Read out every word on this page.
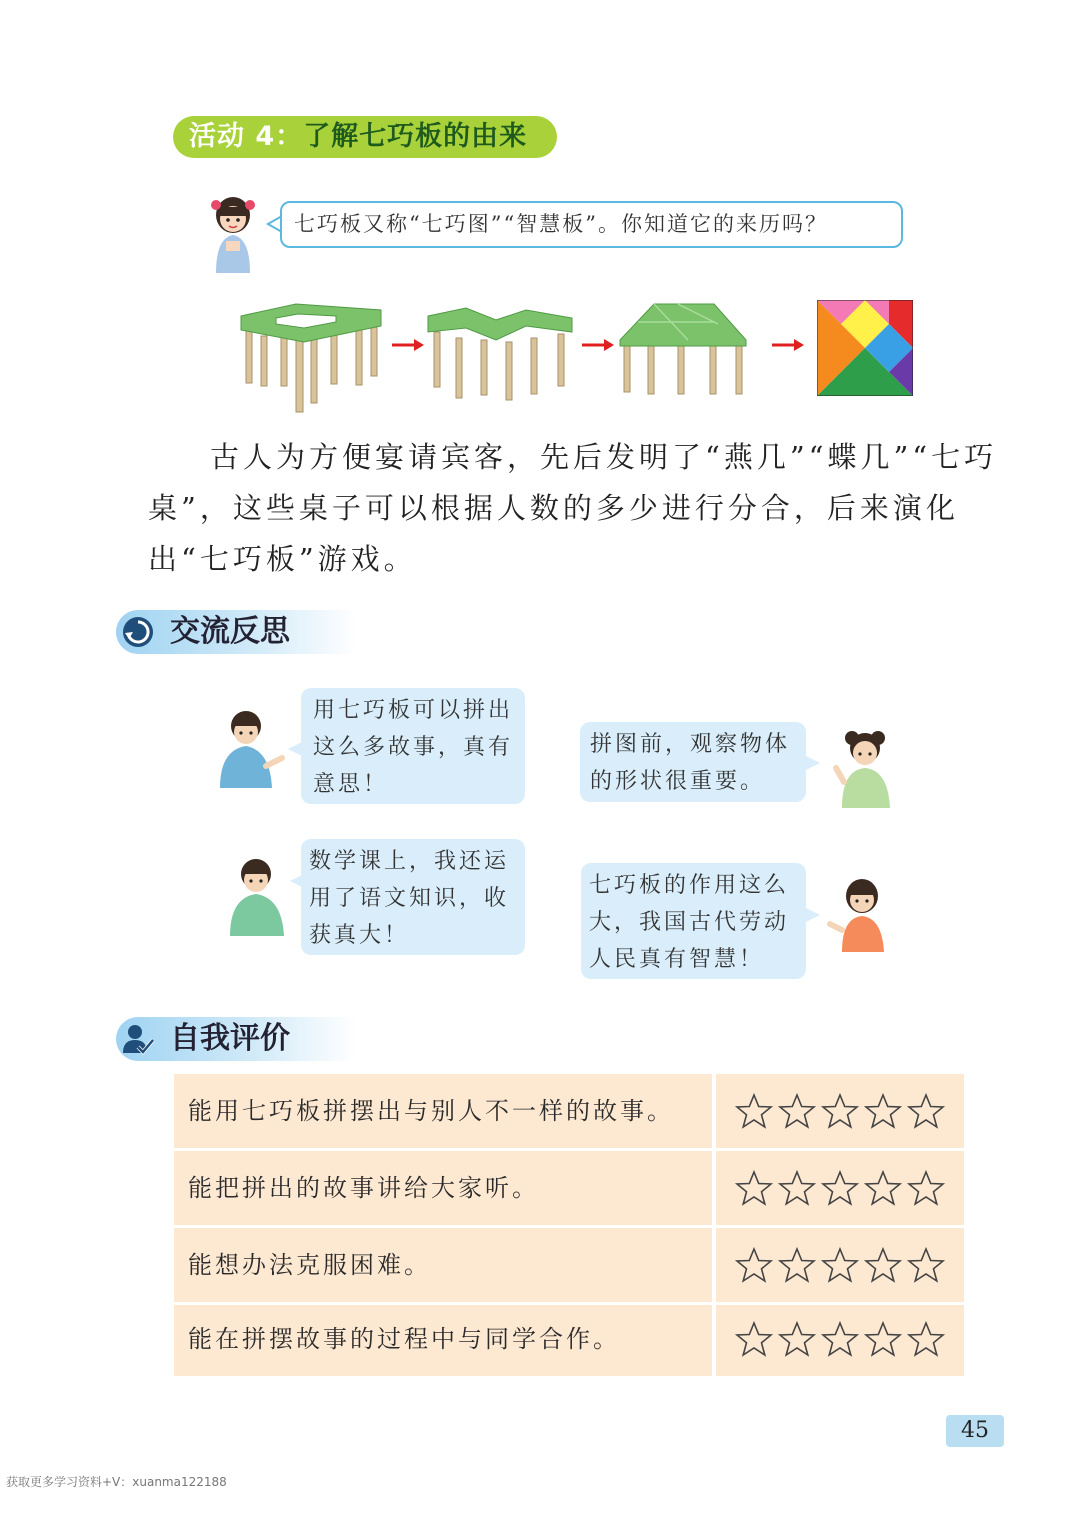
活动 4：了解七巧板的由来
七巧板又称“七巧图”“智慧板”。你知道它的来历吗？
古人为方便宴请宾客，先后发明了“燕几”“蝶几”“七巧桌”，这些桌子可以根据人数的多少进行分合，后来演化出“七巧板”游戏。
交流反思
用七巧板可以拼出
这么多故事，真有
意思！
拼图前，观察物体
的形状很重要。
数学课上，我还运
用了语文知识，收
获真大！
七巧板的作用这么
大，我国古代劳动
人民真有智慧！
自我评价
能用七巧板拼摆出与别人不一样的故事。
能把拼出的故事讲给大家听。
能想办法克服困难。
能在拼摆故事的过程中与同学合作。
45
获取更多学习资料+V：xuanma122188
